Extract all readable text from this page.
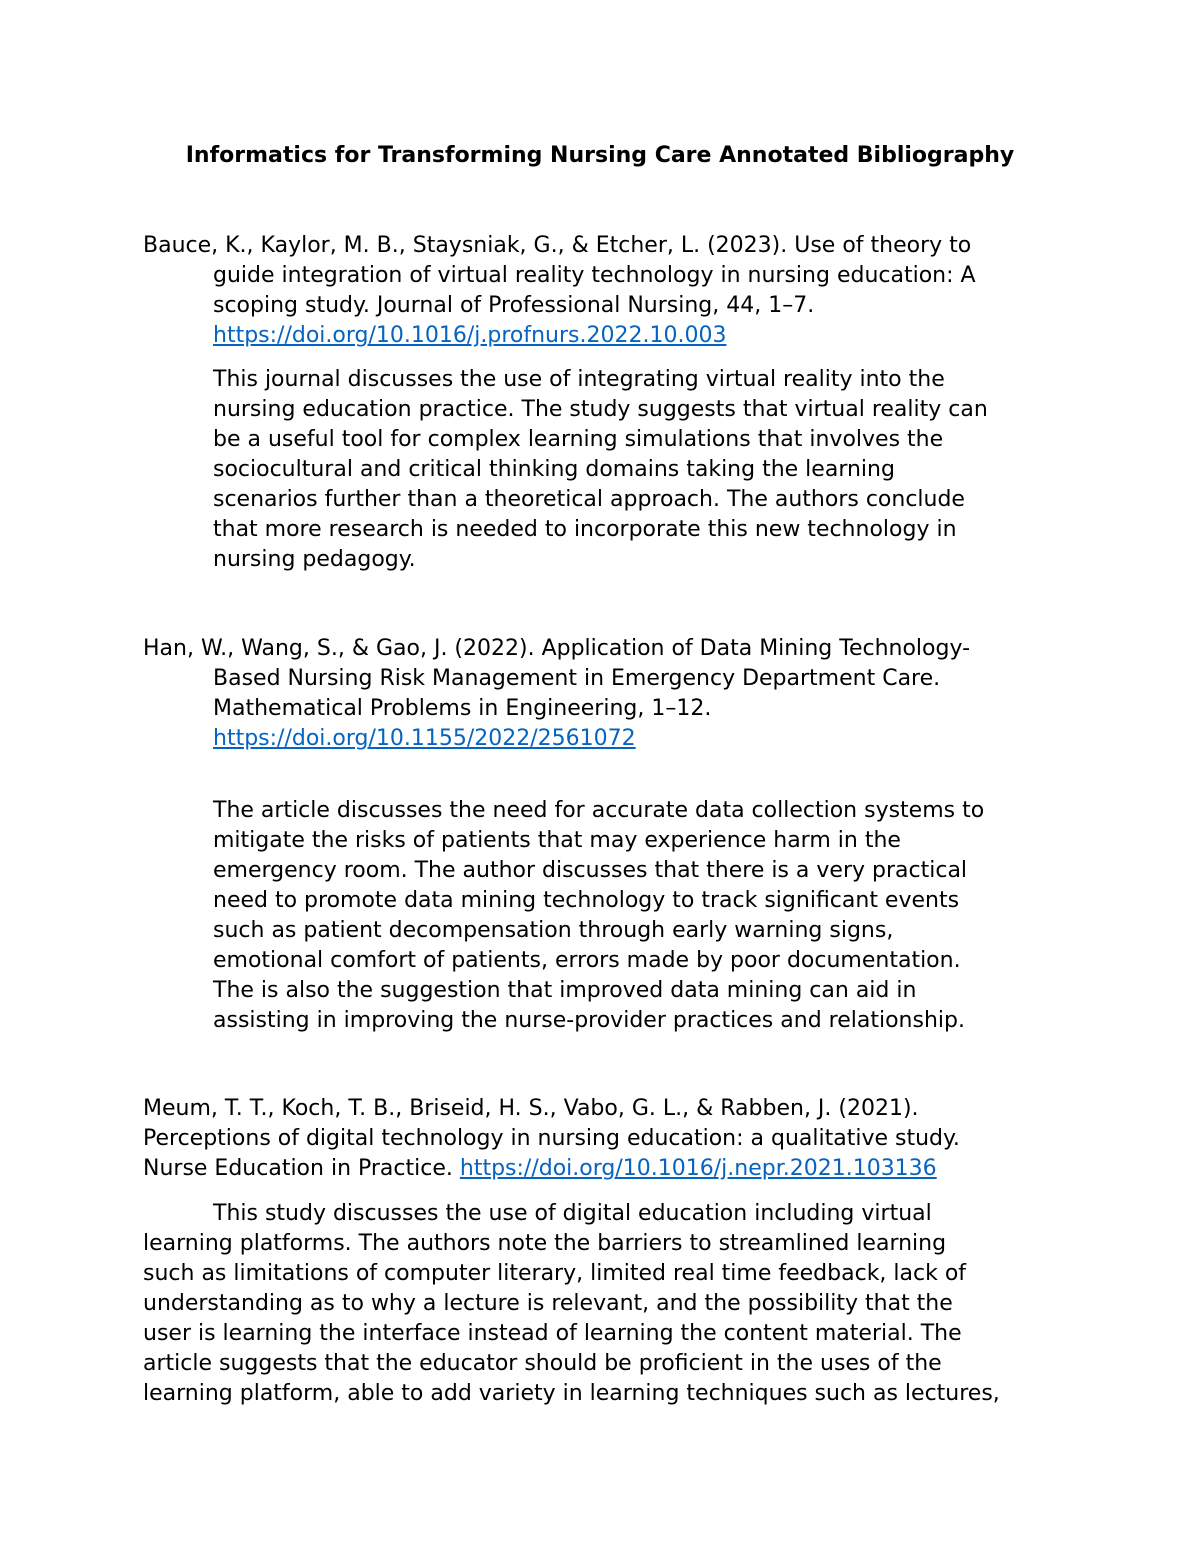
Informatics for Transforming Nursing Care Annotated Bibliography
Bauce, K., Kaylor, M. B., Staysniak, G., & Etcher, L. (2023). Use of theory to
guide integration of virtual reality technology in nursing education: A
scoping study. Journal of Professional Nursing, 44, 1–7.
https://doi.org/10.1016/j.profnurs.2022.10.003
This journal discusses the use of integrating virtual reality into the
nursing education practice. The study suggests that virtual reality can
be a useful tool for complex learning simulations that involves the
sociocultural and critical thinking domains taking the learning
scenarios further than a theoretical approach. The authors conclude
that more research is needed to incorporate this new technology in
nursing pedagogy.
Han, W., Wang, S., & Gao, J. (2022). Application of Data Mining Technology-
Based Nursing Risk Management in Emergency Department Care.
Mathematical Problems in Engineering, 1–12.
https://doi.org/10.1155/2022/2561072
The article discusses the need for accurate data collection systems to
mitigate the risks of patients that may experience harm in the
emergency room. The author discusses that there is a very practical
need to promote data mining technology to track significant events
such as patient decompensation through early warning signs,
emotional comfort of patients, errors made by poor documentation.
The is also the suggestion that improved data mining can aid in
assisting in improving the nurse-provider practices and relationship.
Meum, T. T., Koch, T. B., Briseid, H. S., Vabo, G. L., & Rabben, J. (2021).
Perceptions of digital technology in nursing education: a qualitative study.
Nurse Education in Practice. https://doi.org/10.1016/j.nepr.2021.103136
This study discusses the use of digital education including virtual
learning platforms. The authors note the barriers to streamlined learning
such as limitations of computer literary, limited real time feedback, lack of
understanding as to why a lecture is relevant, and the possibility that the
user is learning the interface instead of learning the content material. The
article suggests that the educator should be proficient in the uses of the
learning platform, able to add variety in learning techniques such as lectures,
